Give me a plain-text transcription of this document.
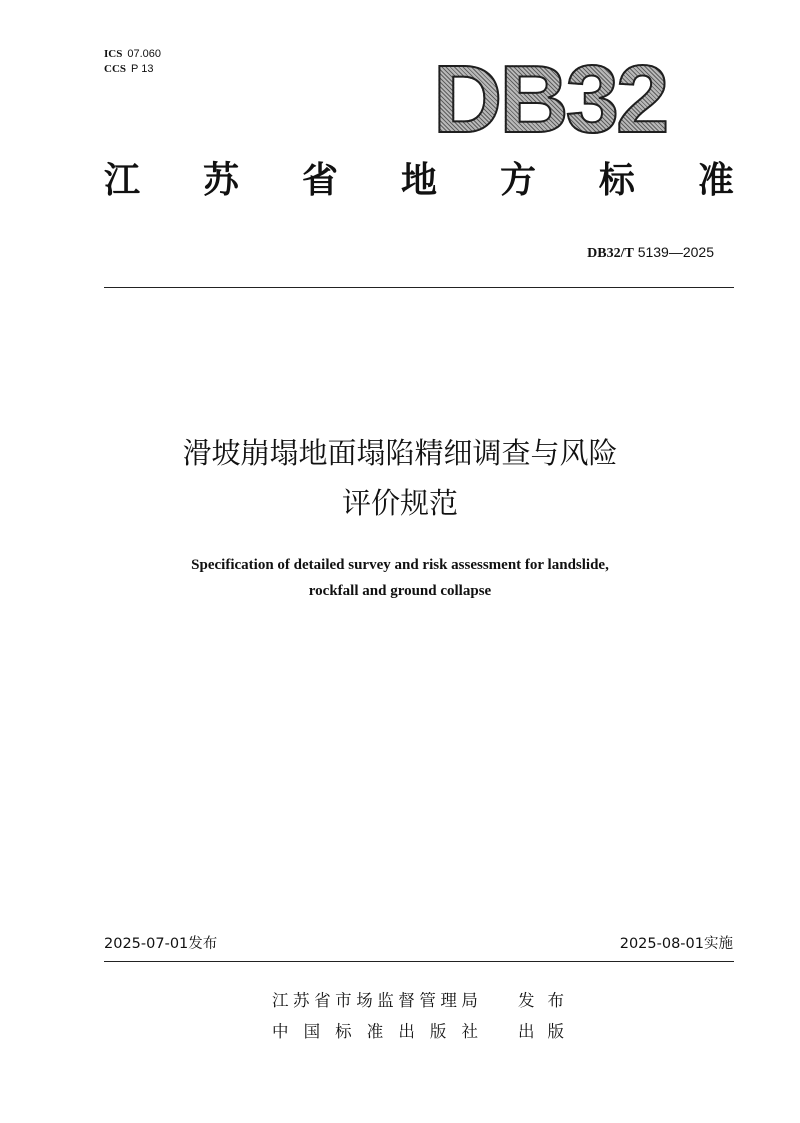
ICS 07.060
CCS P 13	DB32
江 苏 省 地 方 标 准
DB32/T 5139—2025
滑坡崩塌地面塌陷精细调查与风险
评价规范
Specification of detailed survey and risk assessment for landslide,
rockfall and ground collapse
2025-07-01发布	2025-08-01实施
江 苏 省 市 场 监 督 管 理 局 发 布
中 国 标 准 出 版 社 出 版
